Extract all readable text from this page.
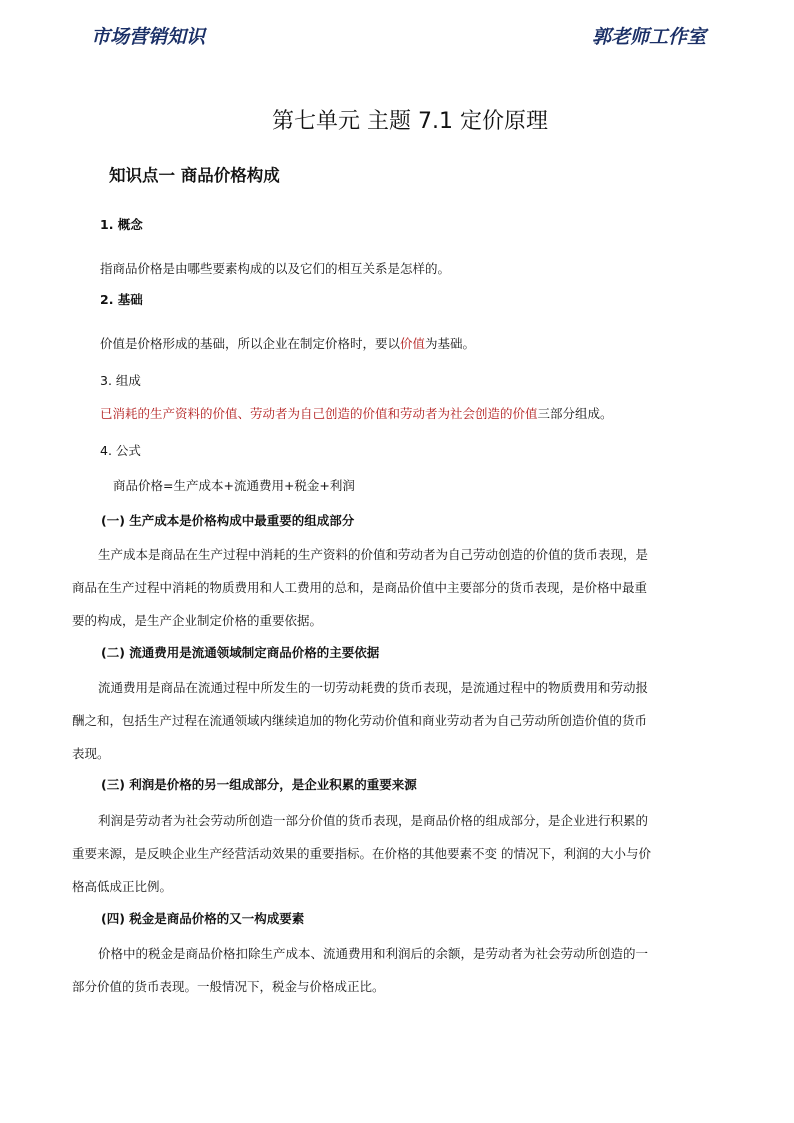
市场营销知识	郭老师工作室
第七单元 主题 7.1 定价原理
知识点一 商品价格构成
1. 概念
指商品价格是由哪些要素构成的以及它们的相互关系是怎样的。
2. 基础
价值是价格形成的基础，所以企业在制定价格时，要以价值为基础。
3. 组成
已消耗的生产资料的价值、劳动者为自己创造的价值和劳动者为社会创造的价值三部分组成。
4. 公式
商品价格=生产成本+流通费用+税金+利润
(一) 生产成本是价格构成中最重要的组成部分
生产成本是商品在生产过程中消耗的生产资料的价值和劳动者为自己劳动创造的价值的货币表现，是商品在生产过程中消耗的物质费用和人工费用的总和，是商品价值中主要部分的货币表现，是价格中最重要的构成，是生产企业制定价格的重要依据。
(二) 流通费用是流通领域制定商品价格的主要依据
流通费用是商品在流通过程中所发生的一切劳动耗费的货币表现，是流通过程中的物质费用和劳动报酬之和，包括生产过程在流通领域内继续追加的物化劳动价值和商业劳动者为自己劳动所创造价值的货币表现。
(三) 利润是价格的另一组成部分，是企业积累的重要来源
利润是劳动者为社会劳动所创造一部分价值的货币表现，是商品价格的组成部分，是企业进行积累的重要来源，是反映企业生产经营活动效果的重要指标。在价格的其他要素不变 的情况下，利润的大小与价格高低成正比例。
(四) 税金是商品价格的又一构成要素
价格中的税金是商品价格扣除生产成本、流通费用和利润后的余额，是劳动者为社会劳动所创造的一部分价值的货币表现。一般情况下，税金与价格成正比。
